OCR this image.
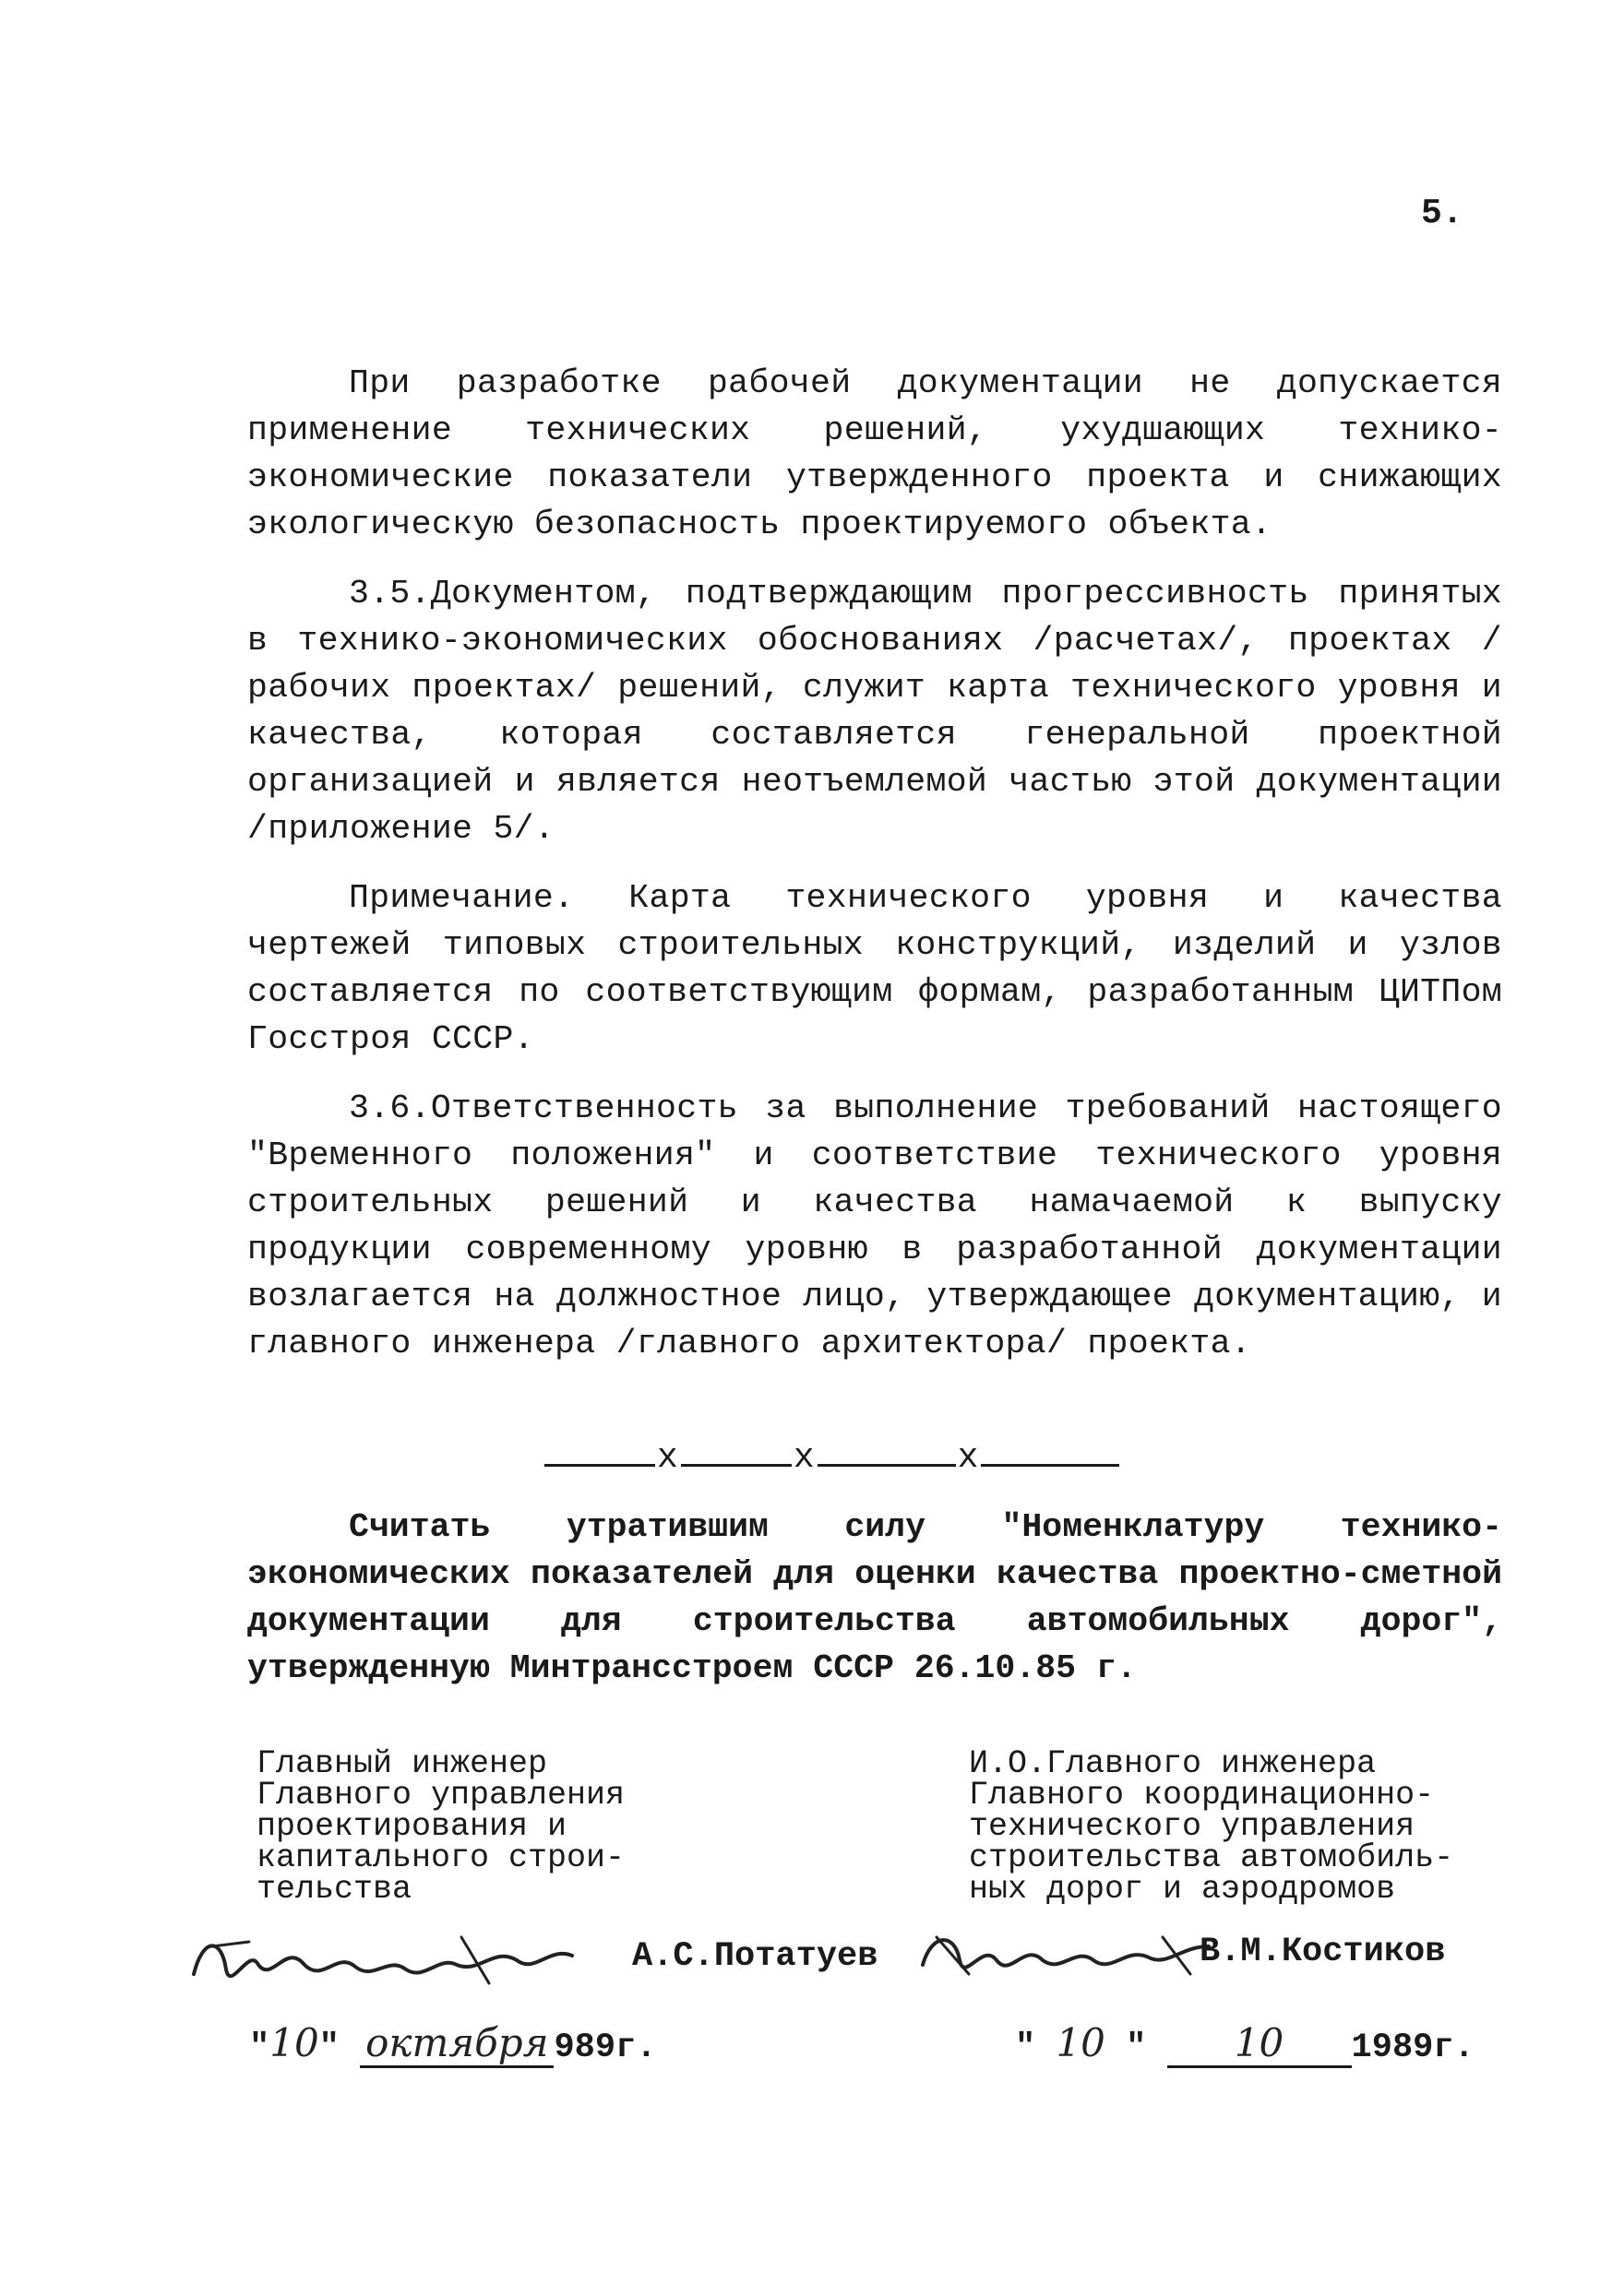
5.

При разработке рабочей документации не допускается применение технических решений, ухудшающих технико-экономические показатели утвержденного проекта и снижающих экологическую безопасность проектируемого объекта.

3.5.Документом, подтверждающим прогрессивность принятых в технико-экономических обоснованиях /расчетах/, проектах /рабочих проектах/ решений, служит карта технического уровня и качества, которая составляется генеральной проектной организацией и является неотъемлемой частью этой документации /приложение 5/.

Примечание. Карта технического уровня и качества чертежей типовых строительных конструкций, изделий и узлов составляется по соответствующим формам, разработанным ЦИТПом Госстроя СССР.

3.6.Ответственность за выполнение требований настоящего "Временного положения" и соответствие технического уровня строительных решений и качества намачаемой к выпуску продукции современному уровню в разработанной документации возлагается на должностное лицо, утверждающее документацию, и главного инженера /главного архитектора/ проекта.

x	x	x

Считать утратившим силу "Номенклатуру технико-экономических показателей для оценки качества проектно-сметной документации для строительства автомобильных дорог", утвержденную Минтрансстроем СССР 26.10.85 г.

Главный инженер
Главного управления
проектирования и
капитального строи-
тельства
А.С.Потатуев
"10" октября 989г.
И.О.Главного инженера
Главного координационно-
технического управления
строительства автомобиль-
ных дорог и аэродромов
В.М.Костиков
" 10 " 10 1989г.
